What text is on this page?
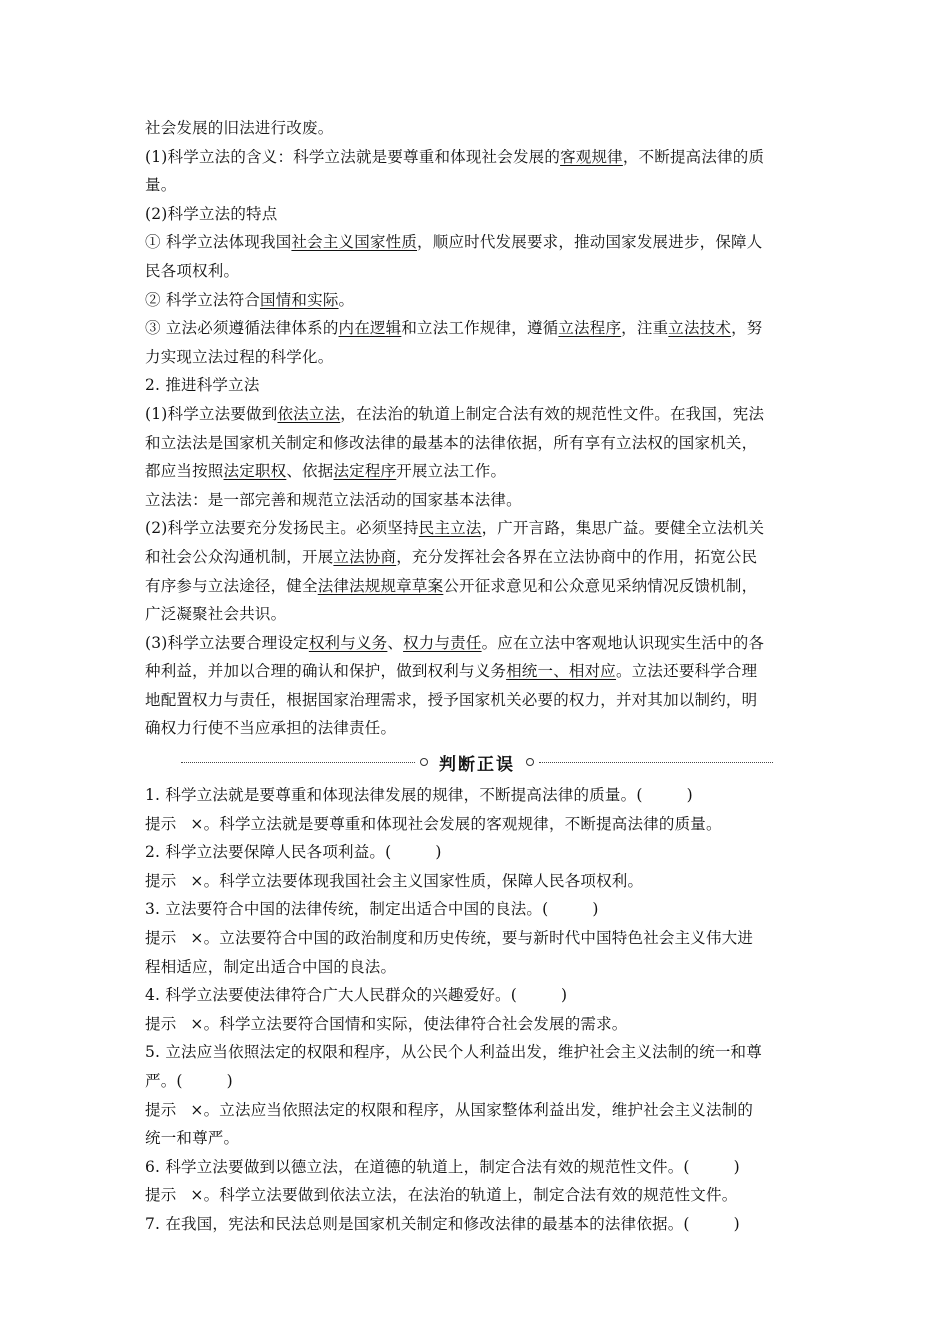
社会发展的旧法进行改废。
(1)科学立法的含义：科学立法就是要尊重和体现社会发展的客观规律，不断提高法律的质
量。
(2)科学立法的特点
① 科学立法体现我国社会主义国家性质，顺应时代发展要求，推动国家发展进步，保障人
民各项权利。
② 科学立法符合国情和实际。
③ 立法必须遵循法律体系的内在逻辑和立法工作规律，遵循立法程序，注重立法技术，努
力实现立法过程的科学化。
2. 推进科学立法
(1)科学立法要做到依法立法，在法治的轨道上制定合法有效的规范性文件。在我国，宪法
和立法法是国家机关制定和修改法律的最基本的法律依据，所有享有立法权的国家机关，
都应当按照法定职权、依据法定程序开展立法工作。
立法法：是一部完善和规范立法活动的国家基本法律。
(2)科学立法要充分发扬民主。必须坚持民主立法，广开言路，集思广益。要健全立法机关
和社会公众沟通机制，开展立法协商，充分发挥社会各界在立法协商中的作用，拓宽公民
有序参与立法途径，健全法律法规规章草案公开征求意见和公众意见采纳情况反馈机制，
广泛凝聚社会共识。
(3)科学立法要合理设定权利与义务、权力与责任。应在立法中客观地认识现实生活中的各
种利益，并加以合理的确认和保护，做到权利与义务相统一、相对应。立法还要科学合理
地配置权力与责任，根据国家治理需求，授予国家机关必要的权力，并对其加以制约，明
确权力行使不当应承担的法律责任。
判断正误
1. 科学立法就是要尊重和体现法律发展的规律，不断提高法律的质量。(	)
提示 ×。科学立法就是要尊重和体现社会发展的客观规律，不断提高法律的质量。
2. 科学立法要保障人民各项利益。(	)
提示 ×。科学立法要体现我国社会主义国家性质，保障人民各项权利。
3. 立法要符合中国的法律传统，制定出适合中国的良法。(	)
提示 ×。立法要符合中国的政治制度和历史传统，要与新时代中国特色社会主义伟大进
程相适应，制定出适合中国的良法。
4. 科学立法要使法律符合广大人民群众的兴趣爱好。(	)
提示 ×。科学立法要符合国情和实际，使法律符合社会发展的需求。
5. 立法应当依照法定的权限和程序，从公民个人利益出发，维护社会主义法制的统一和尊
严。(	)
提示 ×。立法应当依照法定的权限和程序，从国家整体利益出发，维护社会主义法制的
统一和尊严。
6. 科学立法要做到以德立法，在道德的轨道上，制定合法有效的规范性文件。(	)
提示 ×。科学立法要做到依法立法，在法治的轨道上，制定合法有效的规范性文件。
7. 在我国，宪法和民法总则是国家机关制定和修改法律的最基本的法律依据。(	)
